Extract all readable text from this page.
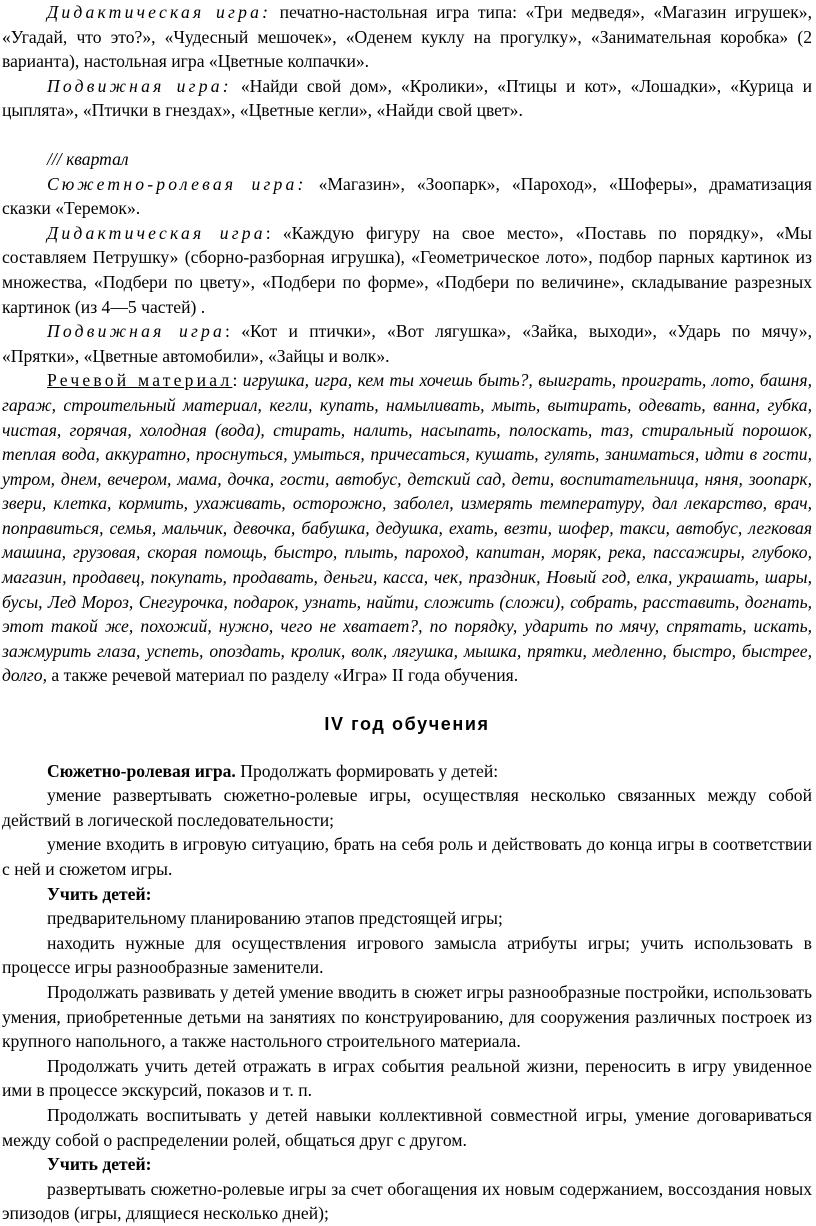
Дидактическая игра: печатно-настольная игра типа: «Три медведя», «Магазин игрушек», «Угадай, что это?», «Чудесный мешочек», «Оденем куклу на прогулку», «Занимательная коробка» (2 варианта), настольная игра «Цветные колпачки».

Подвижная игра: «Найди свой дом», «Кролики», «Птицы и кот», «Лошадки», «Курица и цыплята», «Птички в гнездах», «Цветные кегли», «Найди свой цвет».

/// квартал

Сюжетно-ролевая игра: «Магазин», «Зоопарк», «Пароход», «Шоферы», драматизация сказки «Теремок».

Дидактическая игра: «Каждую фигуру на свое место», «Поставь по порядку», «Мы составляем Петрушку» (сборно-разборная игрушка), «Геометрическое лото», подбор парных картинок из множества, «Подбери по цвету», «Подбери по форме», «Подбери по величине», складывание разрезных картинок (из 4—5 частей) .

Подвижная игра: «Кот и птички», «Вот лягушка», «Зайка, выходи», «Ударь по мячу», «Прятки», «Цветные автомобили», «Зайцы и волк».

Речевой материал: игрушка, игра, кем ты хочешь быть?, выиграть, проиграть, лото, башня, гараж, строительный материал, кегли, купать, намыливать, мыть, вытирать, одевать, ванна, губка, чистая, горячая, холодная (вода), стирать, налить, насыпать, полоскать, таз, стиральный порошок, теплая вода, аккуратно, проснуться, умыться, причесаться, кушать, гулять, заниматься, идти в гости, утром, днем, вечером, мама, дочка, гости, автобус, детский сад, дети, воспитательница, няня, зоопарк, звери, клетка, кормить, ухаживать, осторожно, заболел, измерять температуру, дал лекарство, врач, поправиться, семья, мальчик, девочка, бабушка, дедушка, ехать, везти, шофер, такси, автобус, легковая машина, грузовая, скорая помощь, быстро, плыть, пароход, капитан, моряк, река, пассажиры, глубоко, магазин, продавец, покупать, продавать, деньги, касса, чек, праздник, Новый год, елка, украшать, шары, бусы, Лед Мороз, Снегурочка, подарок, узнать, найти, сложить (сложи), собрать, расставить, догнать, этот такой же, похожий, нужно, чего не хватает?, по порядку, ударить по мячу, спрятать, искать, зажмурить глаза, успеть, опоздать, кролик, волк, лягушка, мышка, прятки, медленно, быстро, быстрее, долго, а также речевой материал по разделу «Игра» II года обучения.

IV год обучения

Сюжетно-ролевая игра. Продолжать формировать у детей:

умение развертывать сюжетно-ролевые игры, осуществляя несколько связанных между собой действий в логической последовательности;

умение входить в игровую ситуацию, брать на себя роль и действовать до конца игры в соответствии с ней и сюжетом игры.

Учить детей:

предварительному планированию этапов предстоящей игры;

находить нужные для осуществления игрового замысла атрибуты игры; учить использовать в процессе игры разнообразные заменители.

Продолжать развивать у детей умение вводить в сюжет игры разнообразные постройки, использовать умения, приобретенные детьми на занятиях по конструированию, для сооружения различных построек из крупного напольного, а также настольного строительного материала.

Продолжать учить детей отражать в играх события реальной жизни, переносить в игру увиденное ими в процессе экскурсий, показов и т. п.

Продолжать воспитывать у детей навыки коллективной совместной игры, умение договариваться между собой о распределении ролей, общаться друг с другом.

Учить детей:

развертывать сюжетно-ролевые игры за счет обогащения их новым содержанием, воссоздания новых эпизодов (игры, длящиеся несколько дней);
